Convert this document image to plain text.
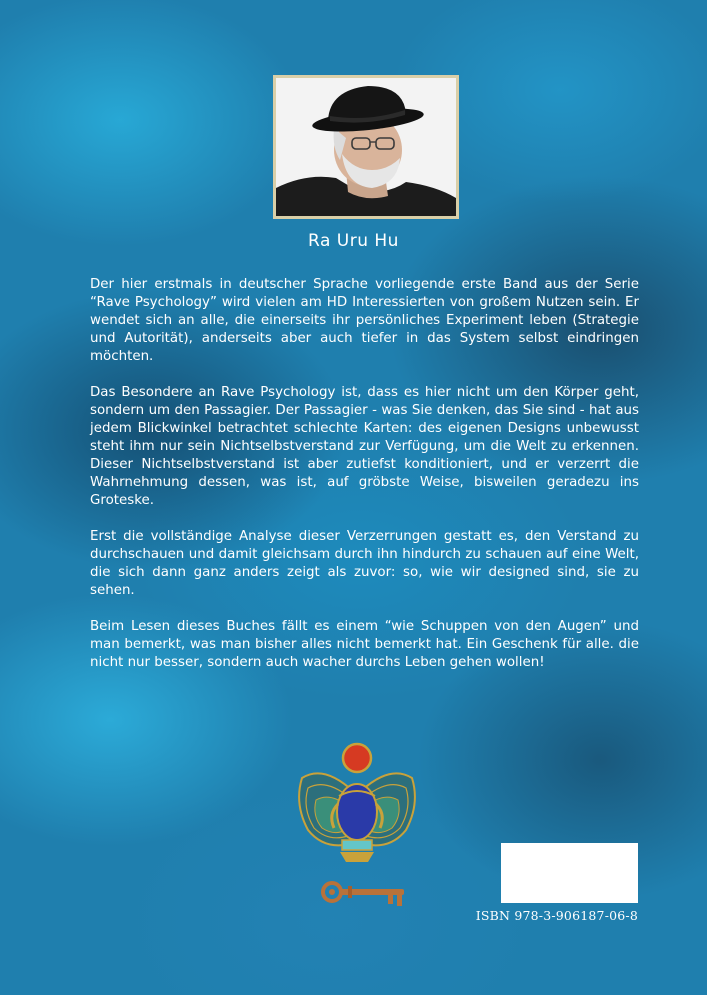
Ra Uru Hu

Der hier erstmals in deutscher Sprache vorliegende erste Band aus der Serie “Rave Psychology” wird vielen am HD Interessierten von großem Nutzen sein. Er wendet sich an alle, die einerseits ihr persönliches Experiment leben (Strategie und Autorität), anderseits aber auch tiefer in das System selbst eindringen möchten.

Das Besondere an Rave Psychology ist, dass es hier nicht um den Körper geht, sondern um den Passagier. Der Passagier - was Sie denken, das Sie sind - hat aus jedem Blickwinkel betrachtet schlechte Karten: des eigenen Designs unbewusst steht ihm nur sein Nichtselbstverstand zur Verfügung, um die Welt zu erkennen. Dieser Nichtselbstverstand ist aber zutiefst konditioniert, und er verzerrt die Wahrnehmung dessen, was ist, auf gröbste Weise, bisweilen geradezu ins Groteske.

Erst die vollständige Analyse dieser Verzerrungen gestatt es, den Verstand zu durchschauen und damit gleichsam durch ihn hindurch zu schauen auf eine Welt, die sich dann ganz anders zeigt als zuvor: so, wie wir designed sind, sie zu sehen.

Beim Lesen dieses Buches fällt es einem “wie Schuppen von den Augen” und man bemerkt, was man bisher alles nicht bemerkt hat. Ein Geschenk für alle. die nicht nur besser, sondern auch wacher durchs Leben gehen wollen!

ISBN 978-3-906187-06-8
